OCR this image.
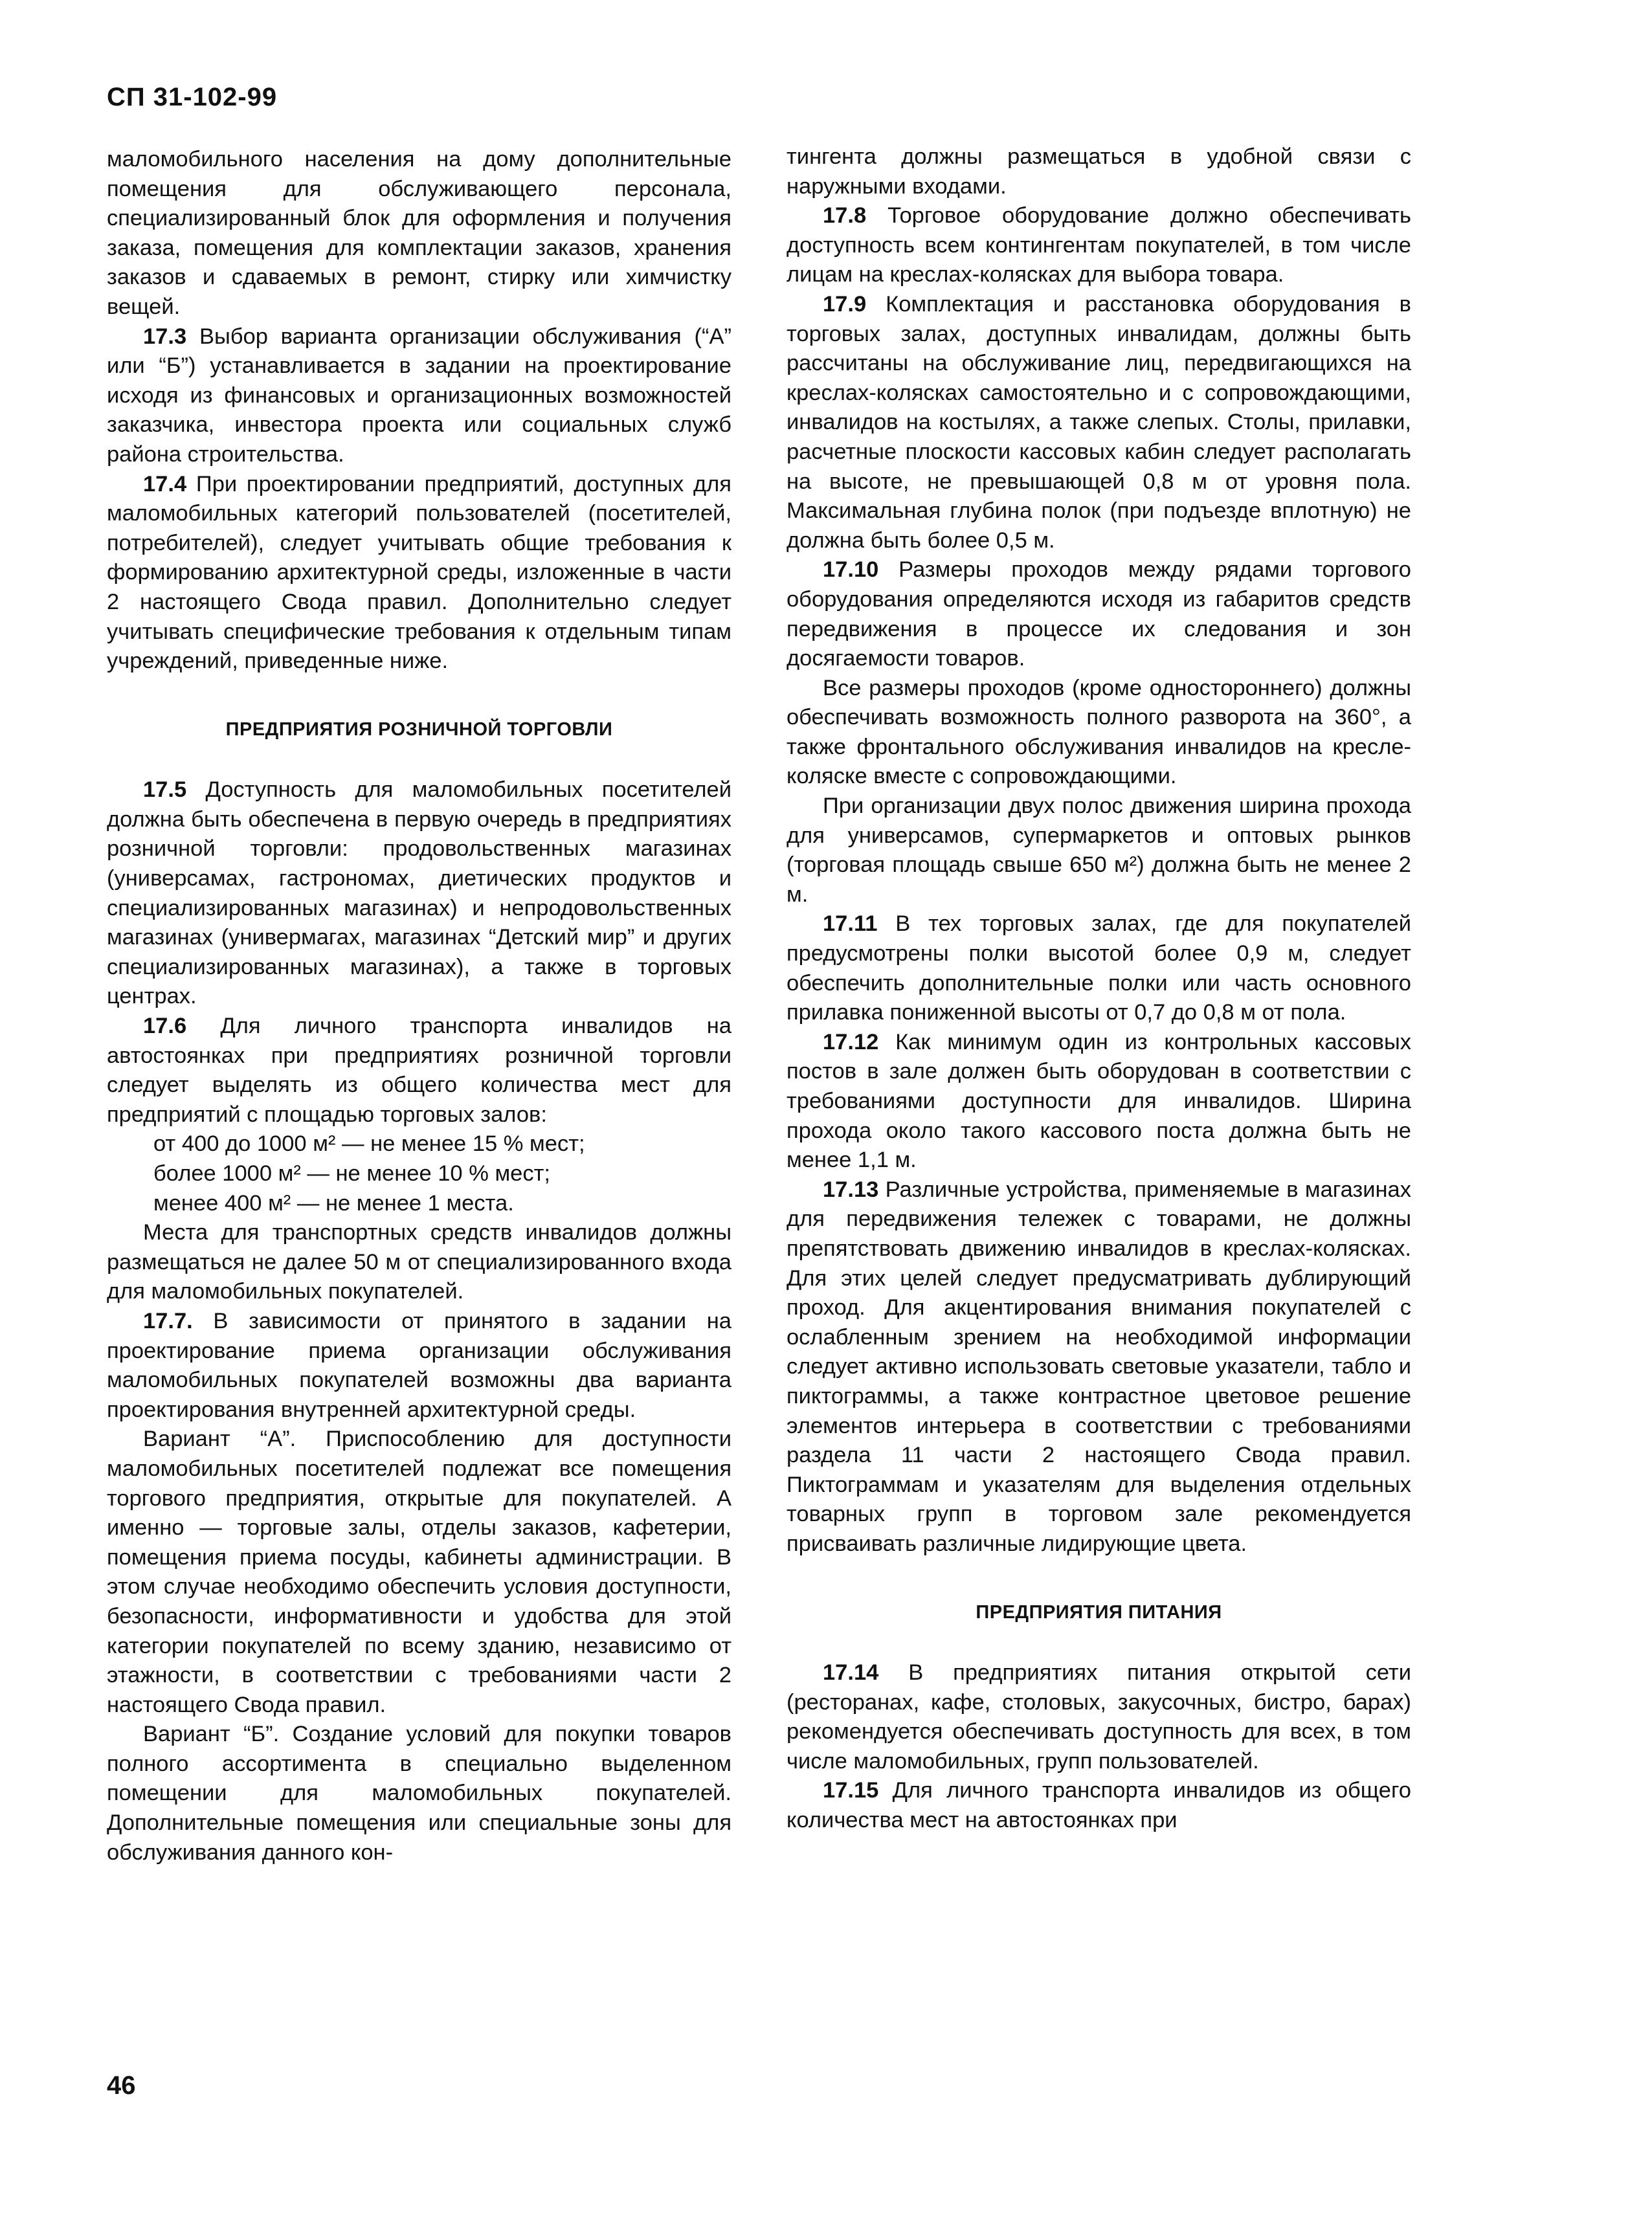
СП 31-102-99

маломобильного населения на дому дополнительные помещения для обслуживающего персонала, специализированный блок для оформления и получения заказа, помещения для комплектации заказов, хранения заказов и сдаваемых в ремонт, стирку или химчистку вещей.

17.3 Выбор варианта организации обслуживания (“А” или “Б”) устанавливается в задании на проектирование исходя из финансовых и организационных возможностей заказчика, инвестора проекта или социальных служб района строительства.

17.4 При проектировании предприятий, доступных для маломобильных категорий пользователей (посетителей, потребителей), следует учитывать общие требования к формированию архитектурной среды, изложенные в части 2 настоящего Свода правил. Дополнительно следует учитывать специфические требования к отдельным типам учреждений, приведенные ниже.

ПРЕДПРИЯТИЯ РОЗНИЧНОЙ ТОРГОВЛИ

17.5 Доступность для маломобильных посетителей должна быть обеспечена в первую очередь в предприятиях розничной торговли: продовольственных магазинах (универсамах, гастрономах, диетических продуктов и специализированных магазинах) и непродовольственных магазинах (универмагах, магазинах “Детский мир” и других специализированных магазинах), а также в торговых центрах.

17.6 Для личного транспорта инвалидов на автостоянках при предприятиях розничной торговли следует выделять из общего количества мест для предприятий с площадью торговых залов:

от 400 до 1000 м² — не менее 15 % мест;

более 1000 м² — не менее 10 % мест;

менее 400 м² — не менее 1 места.

Места для транспортных средств инвалидов должны размещаться не далее 50 м от специализированного входа для маломобильных покупателей.

17.7. В зависимости от принятого в задании на проектирование приема организации обслуживания маломобильных покупателей возможны два варианта проектирования внутренней архитектурной среды.

Вариант “А”. Приспособлению для доступности маломобильных посетителей подлежат все помещения торгового предприятия, открытые для покупателей. А именно — торговые залы, отделы заказов, кафетерии, помещения приема посуды, кабинеты администрации. В этом случае необходимо обеспечить условия доступности, безопасности, информативности и удобства для этой категории покупателей по всему зданию, независимо от этажности, в соответствии с требованиями части 2 настоящего Свода правил.

Вариант “Б”. Создание условий для покупки товаров полного ассортимента в специально выделенном помещении для маломобильных покупателей. Дополнительные помещения или специальные зоны для обслуживания данного кон-

тингента должны размещаться в удобной связи с наружными входами.

17.8 Торговое оборудование должно обеспечивать доступность всем контингентам покупателей, в том числе лицам на креслах-колясках для выбора товара.

17.9 Комплектация и расстановка оборудования в торговых залах, доступных инвалидам, должны быть рассчитаны на обслуживание лиц, передвигающихся на креслах-колясках самостоятельно и с сопровождающими, инвалидов на костылях, а также слепых. Столы, прилавки, расчетные плоскости кассовых кабин следует располагать на высоте, не превышающей 0,8 м от уровня пола. Максимальная глубина полок (при подъезде вплотную) не должна быть более 0,5 м.

17.10 Размеры проходов между рядами торгового оборудования определяются исходя из габаритов средств передвижения в процессе их следования и зон досягаемости товаров.

Все размеры проходов (кроме одностороннего) должны обеспечивать возможность полного разворота на 360°, а также фронтального обслуживания инвалидов на кресле-коляске вместе с сопровождающими.

При организации двух полос движения ширина прохода для универсамов, супермаркетов и оптовых рынков (торговая площадь свыше 650 м²) должна быть не менее 2 м.

17.11 В тех торговых залах, где для покупателей предусмотрены полки высотой более 0,9 м, следует обеспечить дополнительные полки или часть основного прилавка пониженной высоты от 0,7 до 0,8 м от пола.

17.12 Как минимум один из контрольных кассовых постов в зале должен быть оборудован в соответствии с требованиями доступности для инвалидов. Ширина прохода около такого кассового поста должна быть не менее 1,1 м.

17.13 Различные устройства, применяемые в магазинах для передвижения тележек с товарами, не должны препятствовать движению инвалидов в креслах-колясках. Для этих целей следует предусматривать дублирующий проход. Для акцентирования внимания покупателей с ослабленным зрением на необходимой информации следует активно использовать световые указатели, табло и пиктограммы, а также контрастное цветовое решение элементов интерьера в соответствии с требованиями раздела 11 части 2 настоящего Свода правил. Пиктограммам и указателям для выделения отдельных товарных групп в торговом зале рекомендуется присваивать различные лидирующие цвета.

ПРЕДПРИЯТИЯ ПИТАНИЯ

17.14 В предприятиях питания открытой сети (ресторанах, кафе, столовых, закусочных, бистро, барах) рекомендуется обеспечивать доступность для всех, в том числе маломобильных, групп пользователей.

17.15 Для личного транспорта инвалидов из общего количества мест на автостоянках при

46
